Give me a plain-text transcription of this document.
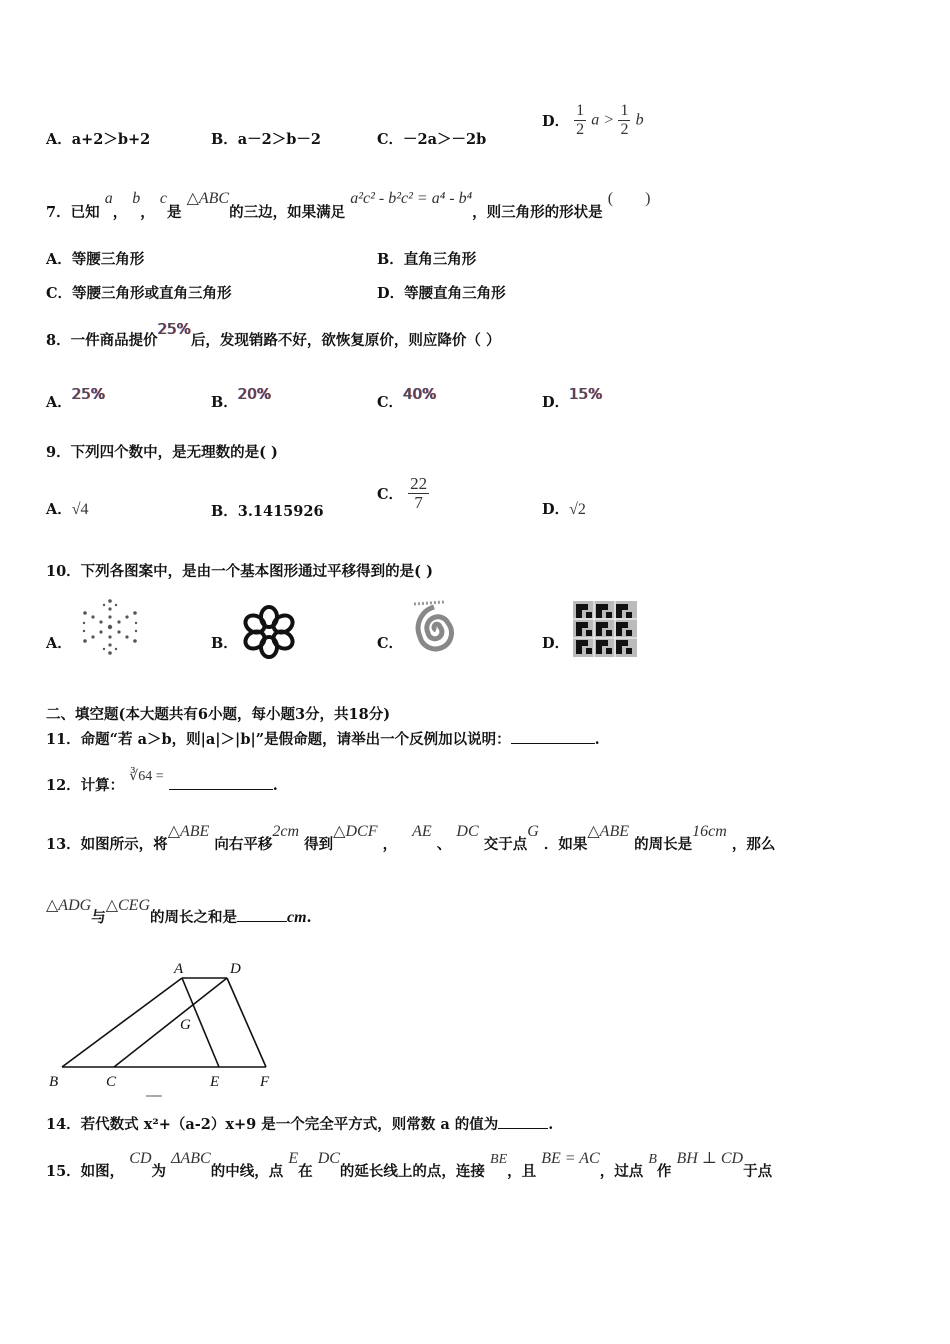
A．a+2＞b+2	B．a－2＞b－2	C．－2a＞－2b
D． $\frac{1}{2}$ $a > \frac{1}{2}$ b
7．已知 a， b， c是 △ABC的三边，如果满足 a²c² - b²c² = a⁴ - b⁴，则三角形的形状是 (　　)
A．等腰三角形	B．直角三角形
C．等腰三角形或直角三角形	D．等腰直角三角形
8．一件商品提价25%后，发现销路不好，欲恢复原价，则应降价（ ）
A．25%	B．20%	C．40%	D．15%
9．下列四个数中，是无理数的是( )
A．√4	B．3.1415926
C． $\frac{22}{7}$	D．√2
10．下列各图案中，是由一个基本图形通过平移得到的是( )
A．	B．	C．	D．
二、填空题(本大题共有6小题，每小题3分，共18分)
11．命题“若 a＞b，则|a|＞|b|”是假命题，请举出一个反例加以说明：	.
12．计算： ∛64 = .
13．如图所示，将△ABE 向右平移2cm 得到△DCF ， AE 、 DC 交于点G ．如果△ABE 的周长是16cm ，那么
△ADG与△CEG的周长之和是	cm.
A	D
G
B	C	E	F
14．若代数式 x²+（a-2）x+9 是一个完全平方式，则常数 a 的值为	.
15．如图， CD为 ΔABC的中线，点 E在 DC的延长线上的点，连接 BE，且 BE = AC，过点 B作 BH ⊥ CD于点
